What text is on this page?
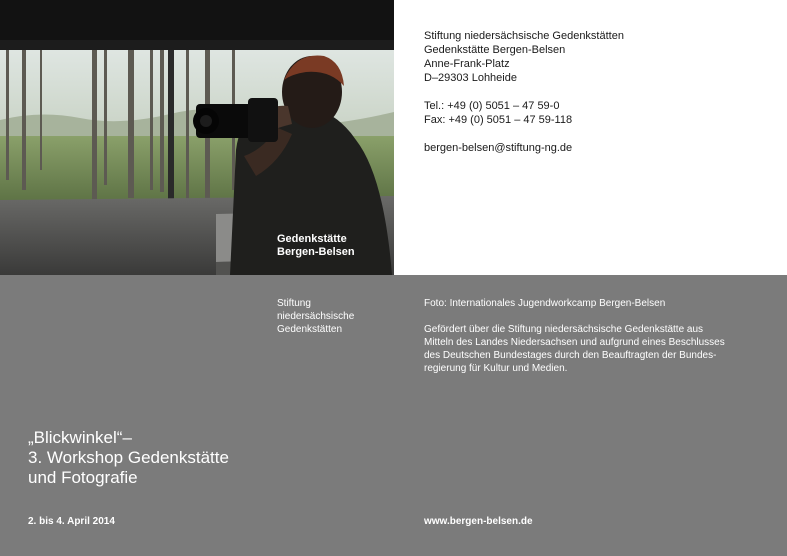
Gedenkstätte
Bergen-Belsen
Stiftung niedersächsische Gedenkstätten
Gedenkstätte Bergen-Belsen
Anne-Frank-Platz
D–29303 Lohheide
Tel.: +49 (0) 5051 – 47 59-0
Fax: +49 (0) 5051 – 47 59-118
bergen-belsen@stiftung-ng.de
Stiftung
niedersächsische
Gedenkstätten
Foto: Internationales Jugendworkcamp Bergen-Belsen
Gefördert über die Stiftung niedersächsische Gedenkstätte aus
Mitteln des Landes Niedersachsen und aufgrund eines Beschlusses
des Deutschen Bundestages durch den Beauftragten der Bundes-
regierung für Kultur und Medien.
„Blickwinkel“–
3. Workshop Gedenkstätte
und Fotografie
2. bis 4. April 2014	www.bergen-belsen.de
